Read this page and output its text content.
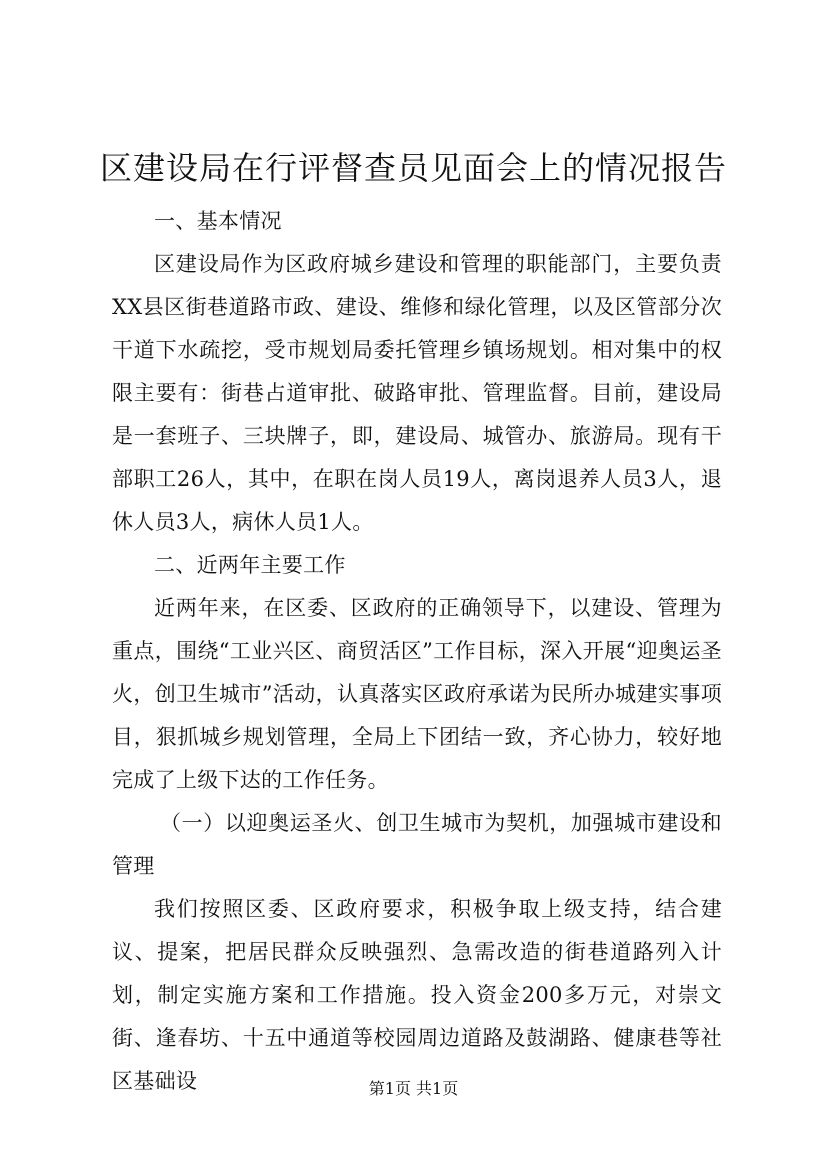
区建设局在行评督查员见面会上的情况报告

一、基本情况

区建设局作为区政府城乡建设和管理的职能部门，主要负责XX县区街巷道路市政、建设、维修和绿化管理，以及区管部分次干道下水疏挖，受市规划局委托管理乡镇场规划。相对集中的权限主要有：街巷占道审批、破路审批、管理监督。目前，建设局是一套班子、三块牌子，即，建设局、城管办、旅游局。现有干部职工26人，其中，在职在岗人员19人，离岗退养人员3人，退休人员3人，病休人员1人。

二、近两年主要工作

近两年来，在区委、区政府的正确领导下，以建设、管理为重点，围绕“工业兴区、商贸活区”工作目标，深入开展“迎奥运圣火，创卫生城市”活动，认真落实区政府承诺为民所办城建实事项目，狠抓城乡规划管理，全局上下团结一致，齐心协力，较好地完成了上级下达的工作任务。

（一）以迎奥运圣火、创卫生城市为契机，加强城市建设和管理

我们按照区委、区政府要求，积极争取上级支持，结合建议、提案，把居民群众反映强烈、急需改造的街巷道路列入计划，制定实施方案和工作措施。投入资金200多万元，对崇文街、逢春坊、十五中通道等校园周边道路及鼓湖路、健康巷等社区基础设	第1页 共1页
